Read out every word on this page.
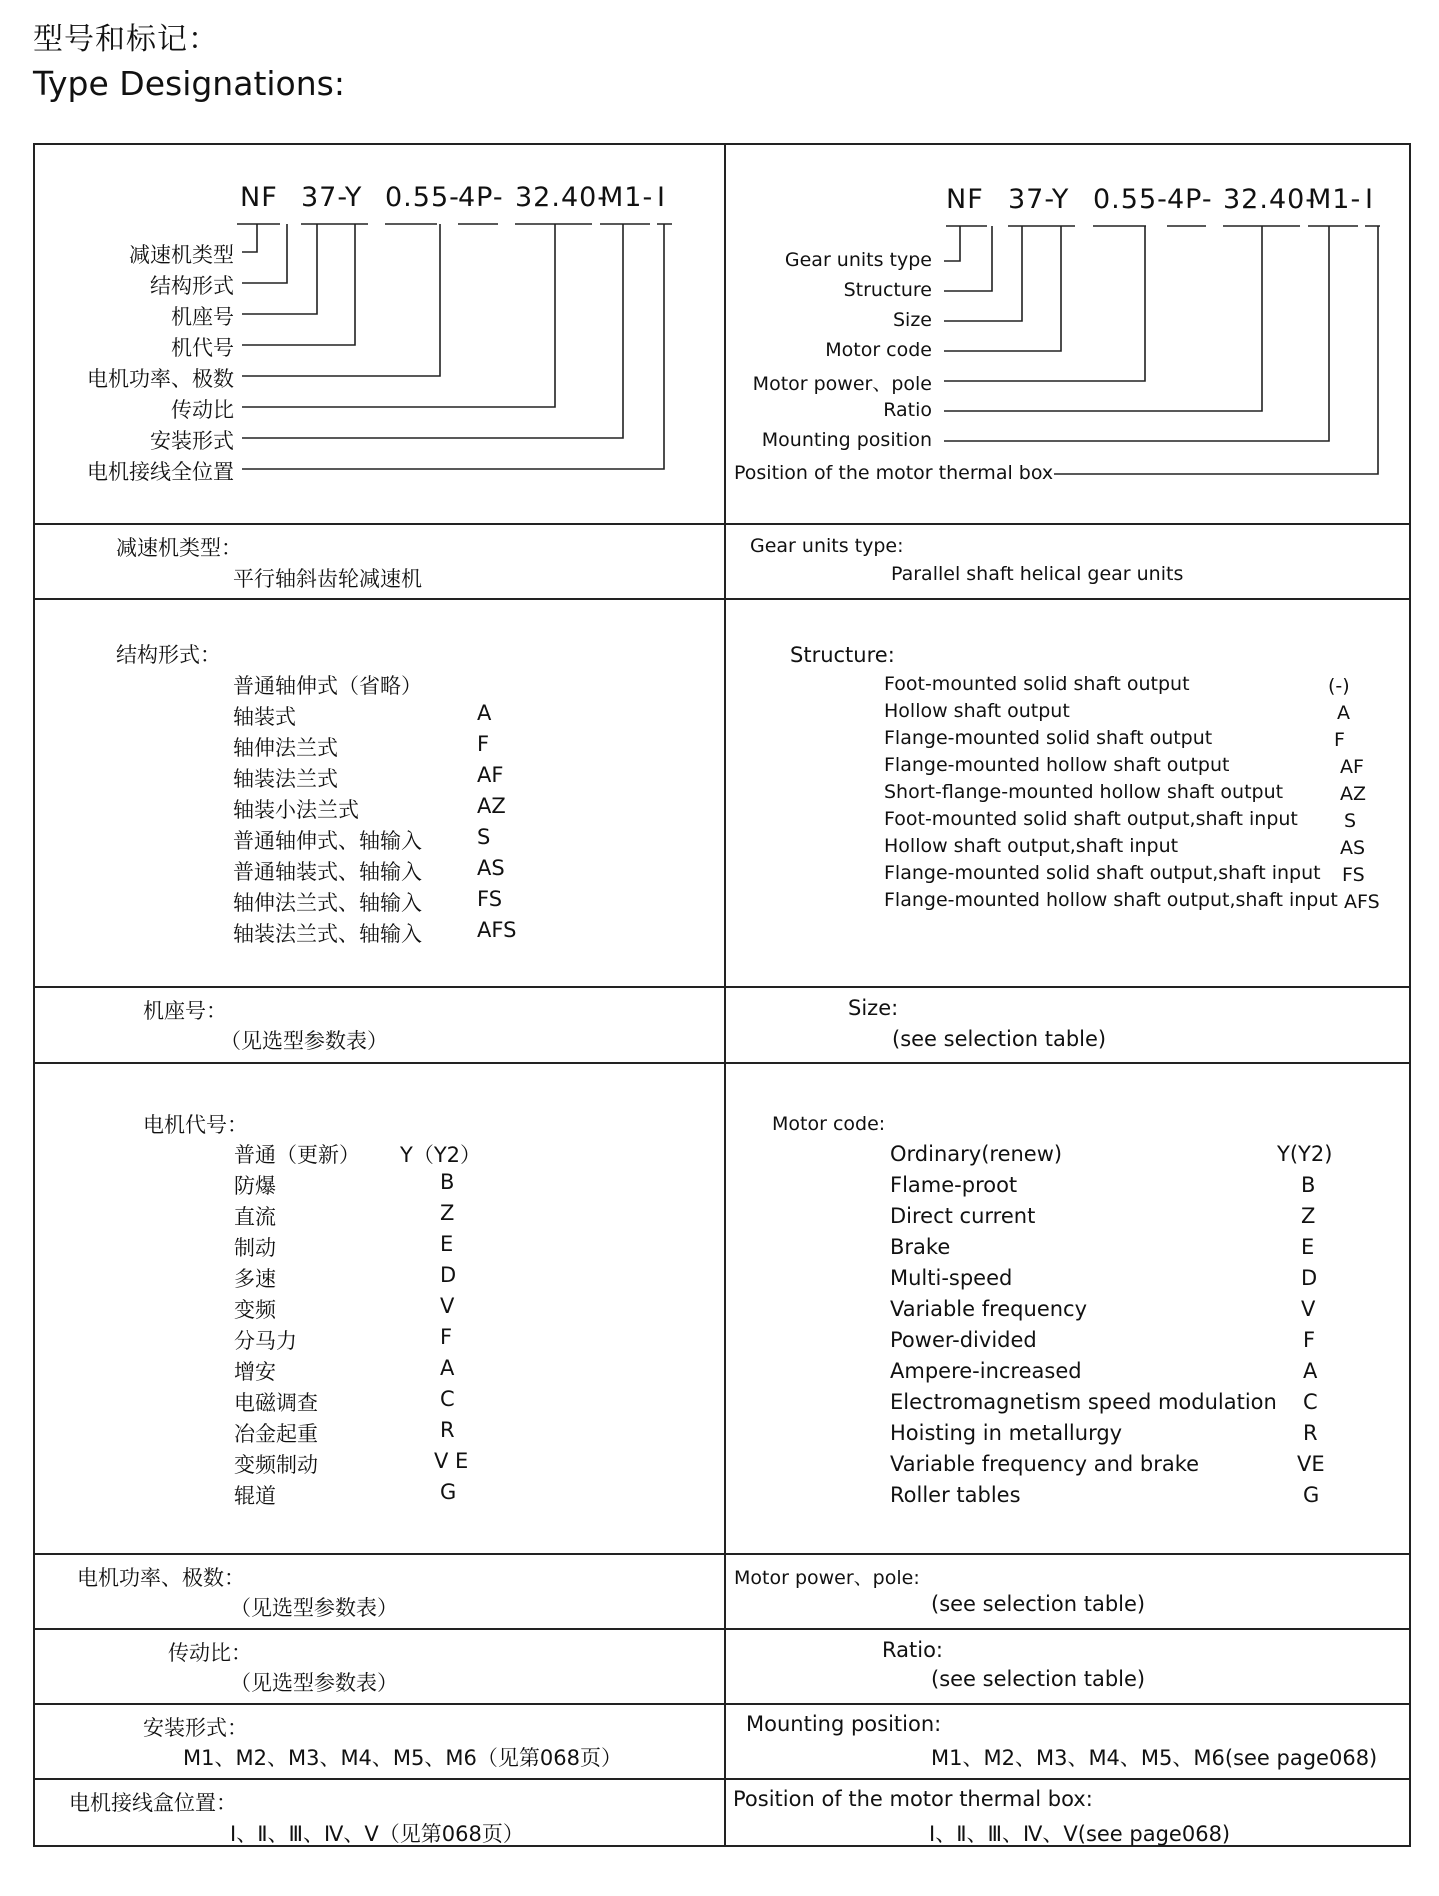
型号和标记：
Type Designations:
NF 37-Y 0.55-
4P- 32.40-
M1- I
减速机类型
结构形式
机座号
机代号
电机功率、极数
传动比
安装形式
电机接线全位置
NF 37-Y 0.55- 4P- 32.40-
M1- I
Gear units type
Structure
Size
Motor code
Motor power、pole
Ratio
Mounting position
Position of the motor thermal box
减速机类型：
平行轴斜齿轮减速机
Gear units type:
Parallel shaft helical gear units
结构形式：
普通轴伸式（省略）
轴装式	A
轴伸法兰式	F
轴装法兰式	AF
轴装小法兰式	AZ
普通轴伸式、轴输入	S
普通轴装式、轴输入	AS
轴伸法兰式、轴输入	FS
轴装法兰式、轴输入	AFS
Structure:
Foot-mounted solid shaft output	(-)
Hollow shaft output	A
Flange-mounted solid shaft output	F
Flange-mounted hollow shaft output	AF
Short-flange-mounted hollow shaft output	AZ
Foot-mounted solid shaft output,shaft input S
Hollow shaft output,shaft input	AS
Flange-mounted solid shaft output,shaft input FS
Flange-mounted hollow shaft output,shaft input AFS
机座号：
（见选型参数表）
Size:
(see selection table)
电机代号：
普通（更新） Y（Y2）
防爆	B
直流	Z
制动	E
多速	D
变频	V
分马力	F
增安	A
电磁调查	C
冶金起重	R
变频制动	V E
辊道	G
Motor code:
Ordinary(renew)	Y(Y2)
Flame-proot	B
Direct current	Z
Brake	E
Multi-speed	D
Variable frequency	V
Power-divided	F
Ampere-increased	A
Electromagnetism speed modulation C
Hoisting in metallurgy	R
Variable frequency and brake	VE
Roller tables	G
电机功率、极数：
（见选型参数表）
Motor power、pole:
(see selection table)
传动比：
（见选型参数表）
Ratio:
(see selection table)
安装形式：
M1、M2、M3、M4、M5、M6（见第068页）
Mounting position:
M1、M2、M3、M4、M5、M6(see page068)
电机接线盒位置：
Ⅰ、Ⅱ、Ⅲ、Ⅳ、Ⅴ（见第068页）
Position of the motor thermal box:
Ⅰ、Ⅱ、Ⅲ、Ⅳ、Ⅴ(see page068)
